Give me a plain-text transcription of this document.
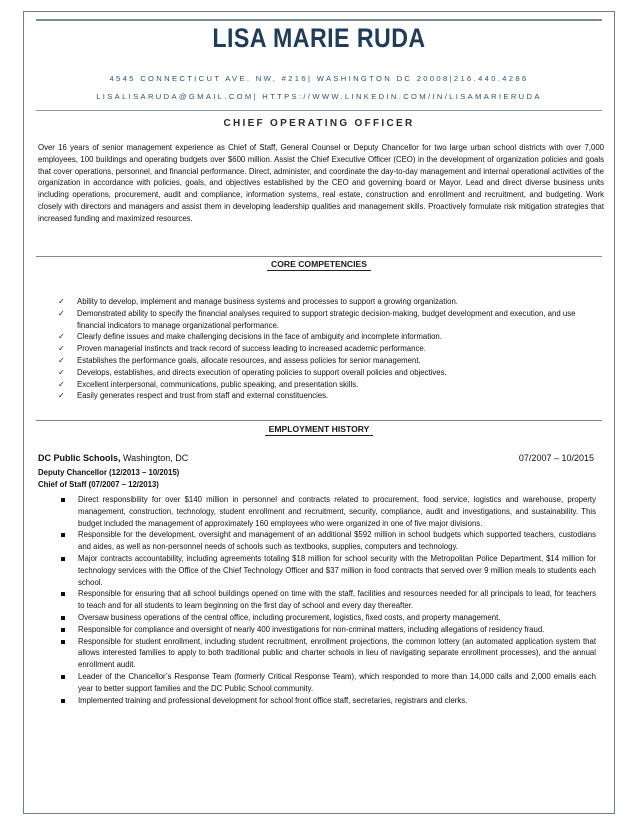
LISA MARIE RUDA
4545 CONNECTICUT AVE. NW, #216| WASHINGTON DC 20008|216.440.4286
LISALISARUDA@GMAIL.COM| HTTPS://WWW.LINKEDIN.COM/IN/LISAMARIERUDA
CHIEF OPERATING OFFICER
Over 16 years of senior management experience as Chief of Staff, General Counsel or Deputy Chancellor for two large urban school districts with over 7,000 employees, 100 buildings and operating budgets over $600 million. Assist the Chief Executive Officer (CEO) in the development of organization policies and goals that cover operations, personnel, and financial performance. Direct, administer, and coordinate the day-to-day management and internal operational activities of the organization in accordance with policies, goals, and objectives established by the CEO and governing board or Mayor. Lead and direct diverse business units including operations, procurement, audit and compliance, information systems, real estate, construction and enrollment and recruitment, and budgeting. Work closely with directors and managers and assist them in developing leadership qualities and management skills. Proactively formulate risk mitigation strategies that increased funding and maximized resources.
CORE COMPETENCIES
✓	Ability to develop, implement and manage business systems and processes to support a growing organization.
✓	Demonstrated ability to specify the financial analyses required to support strategic decision-making, budget development and execution, and use financial indicators to manage organizational performance.
✓	Clearly define issues and make challenging decisions in the face of ambiguity and incomplete information.
✓	Proven managerial instincts and track record of success leading to increased academic performance.
✓	Establishes the performance goals, allocate resources, and assess policies for senior management.
✓	Develops, establishes, and directs execution of operating policies to support overall policies and objectives.
✓	Excellent interpersonal, communications, public speaking, and presentation skills.
✓	Easily generates respect and trust from staff and external constituencies.
EMPLOYMENT HISTORY
DC Public Schools, Washington, DC	07/2007 – 10/2015
Deputy Chancellor (12/2013 – 10/2015)
Chief of Staff (07/2007 – 12/2013)
Direct responsibility for over $140 million in personnel and contracts related to procurement, food service, logistics and warehouse, property management, construction, technology, student enrollment and recruitment, security, compliance, audit and investigations, and sustainability. This budget included the management of approximately 160 employees who were organized in one of five major divisions.
Responsible for the development, oversight and management of an additional $592 million in school budgets which supported teachers, custodians and aides, as well as non-personnel needs of schools such as textbooks, supplies, computers and technology.
Major contracts accountability, including agreements totaling $18 million for school security with the Metropolitan Police Department, $14 million for technology services with the Office of the Chief Technology Officer and $37 million in food contracts that served over 9 million meals to students each school.
Responsible for ensuring that all school buildings opened on time with the staff, facilities and resources needed for all principals to lead, for teachers to teach and for all students to learn beginning on the first day of school and every day thereafter.
Oversaw business operations of the central office, including procurement, logistics, fixed costs, and property management.
Responsible for compliance and oversight of nearly 400 investigations for non-criminal matters, including allegations of residency fraud.
Responsible for student enrollment, including student recruitment, enrollment projections, the common lottery (an automated application system that allows interested families to apply to both traditional public and charter schools in lieu of navigating separate enrollment processes), and the annual enrollment audit.
Leader of the Chancellor’s Response Team (formerly Critical Response Team), which responded to more than 14,000 calls and 2,000 emails each year to better support families and the DC Public School community.
Implemented training and professional development for school front office staff, secretaries, registrars and clerks.
